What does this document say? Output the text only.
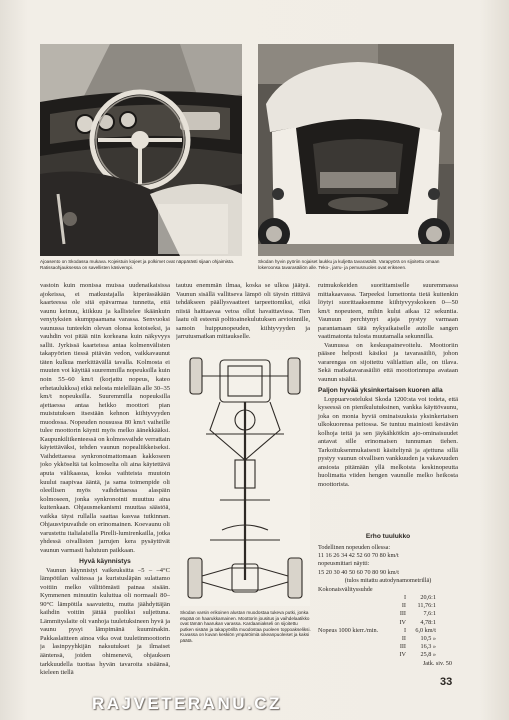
Ajoasento on Skodassa mukava. Kojeistuin kojeet ja polkimet ovat näppärästi sijaan ohjaimista. Ratissaohjauksessa on savellisten käsivempi.

Skodan hyvin pyöriin nojaiset laukku ja kuljetta tavarasäilö. Varapyörä on sijoitettu omaan lokeroonsa tavarasäiliön alle. Teko-, jarru- ja pemusnuoles ovat erikseen.

vastoin kuin monissa muissa uudenaikaisissa ajokeissa, ei matkustajalla kiperässäkään kaarteessa ole sitä epävarmaa tunnetta, että vaunu keinuu, kiikkuu ja kallistelee ikäänkuin venytyksien skumppaamana varassa. Senvuoksi vaunussa tunteekin olevan olonsa kotoiseksi, ja vauhdin voi pitää niin korkeana kuin näkyvyys sallii. Jyrkissä kaarteissa antaa kolmenvälisten takapyörien tiessä pitävän vedon, vaikkavaunut täten kulkua merkittävällä tavalla. Kolmosta ei muuten voi käyttää suuremmilla nopeuksilla kuin noin 55–60 km/t (korjattu nopeus, kateo erhetaulukkoa) eikä nelosta mielellään alle 30–35 km/t nopeuksilla. Suuremmilla nopeuksilla ajettaessa antaa heikko moottori pian muistutuksen itsestään kehnon kiihtyvyyden muodossa. Nopeuden nousussa 80 km/t vaiheille tulee moottorin käynti myös melko äänekkääksi. Kaupunkiliikenteessä on kolmosvaihde verrattain käytettäväksi, tehden vaunun nopealiikkeiseksi. Vaihdettaessa synkronoimattomaan kakkoseen joko ykköseltä tai kolmoselta oli aina käytettävä aputa välikaasua, koska vaihteista muutoin kuului raapivaa ääntä, ja sama toimenpide oli oleellisen myös vaihdettaessa alaspäin kolmoseen, jonka synkronointi muuttuu aina kuitenkaan. Ohjausmekanismi muuttaa säästöä, vaikka täysi rullalla saattaa kasvaa tutkinnan. Ohjausvipuvaihde on erinomainen. Koevaunu oli varustettu italialaisilla Pirelli-lumirenkailla, jotka yhdessä oivallisten jarrujen kera pysäyttivät vaunun varmasti halutuun paikkaan.

Hyvä käynnistys

Vaunun käynnistyi vaikeuksitta –5 – –4°C lämpötilan valitessa ja kuristusläpän sulattamo voitiin melko välittömästi painaa sisään. Kymmenen minuutin kuluttua oli normaali 80–90°C lämpötila saavutettu, mutta jäähdyttäjän kaihdin voitiin jättää puoliksi suljettuna. Lämmityslaite oli vanhoja tuuletuksineen hyvä ja vaunu pysyi lämpimänä kuuminakin. Pakkaslaitteen ainoa vika ovat tuuletinmoottorin ja lasinpyyhkijän naksutukset ja ilmaiset ääntensä, joiden ohimenevä, ohjauksen tarkkuudella tuottaa hyvän tavaroita sisäänsä, kieleen tiellä

tautuu enemmän ilmaa, koska se ulkoa jäätyä. Vaunun sisällä vallitseva lämpö oli täysin riittävä tehdäkseen päällysvaatteet tarpeettomiksi, eikä niistä haittaavaa vetoa ollut havaittavissa. Tien laatu oli esteenä polttoainekulutuksen arvioinnille, samoin huippunopeuden, kiihtyvyyden ja jarrutusmatkan mittaukselle.

Skodan varsin erikoinen alustan muodostaa tukeva putki, jonka etupää on haarukkamainen. Moottorin jousitus ja vaihdelaatikko ovat tämän haarukan varassa. Kardaaniakseli on sijoitettu putken sisään ja takapyörillä muodostaa puoleen toppoakseliksi. Kuvassa on kuvan keskiön ympäröimiä oikeanpuoleiset ja kaksi päätä.

rutmukokeiden suorittamiselle suuremmassa mittakaavassa. Tarpeeksi lumettonta tietä kuitenkin löytyi suorittaaksemme kiihtyvyyskokeen 0—50 km/t nopeuteen, mihin kului aikaa 12 sekuntia. Vaunuun perchtynyt ajaja pystyy varmaan parantamaan tätä nykyaikaiselle autolle sangen vaatimatonta tulosta muutamalla sekunnilla.

Vaunussa on keskuspainevoitelu. Moottoriin pääsee helposti käsiksi ja tavarasäiliö, johon vararengas on sijoitettu välilattian alle, on tilava. Sekä matkatavarasäiliö että moottorinnupa avataan vaunun sisältä.

Paljon hyvää yksinkertaisen kuoren alla

Loppuarvosteluksi Skoda 1200:sta voi todeta, että kyseessä on pienikulutuksinen, vankka käyttövaunu, joka on monia hyviä ominaisuuksia yksinkertaisen ulkokuorensa peitossa. Se tuntuu mainiosti kestävän kolhoja teitä ja sen jäykähkötkin ajo-ominaisuudet antavat sille erinomaisen tunnuman tiehen. Tarkoituksenmukaisesti käsiteltynä ja ajettuna sillä pystyy vaunun oivallisen vankkuuden ja vakavuuden ansiosta pitämään yllä melkoista keskinopeutta huolimatta viiden hengen vaunulle melko heikosta moottorista.

Erho tuulukko
Todellinen nopeuden ollessa:
11 16 26 34 42 52 60 70 80 km/t
nopeusmittari näytti:
15 20 30 40 50 60 70 80 90 km/t
(tulos mitattu autodynamometrillä)
Kokonaisvälityssuhde
I	20,6:1
II	11,76:1
III	7,6:1
IV	4,78:1
Nopeus 1000 kierr./min.	I	6,0 km/t
II	10,5 »
III	16,3 »
IV	25,8 »
Jatk. siv. 50
33
RAJVETERANU.CZ
